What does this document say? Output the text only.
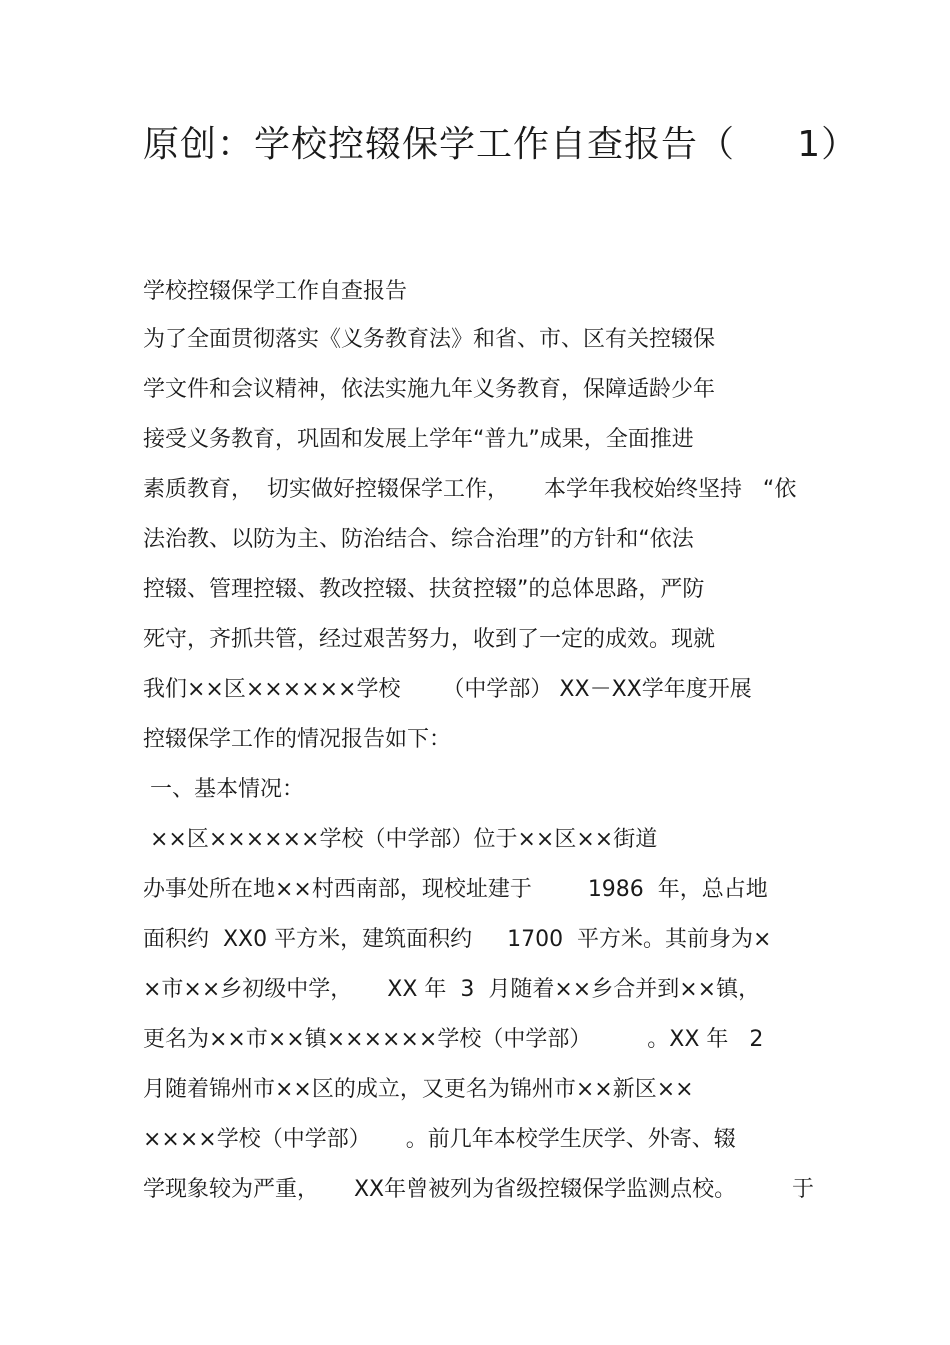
原创：学校控辍保学工作自查报告（     1）
学校控辍保学工作自查报告

为了全面贯彻落实《义务教育法》和省、市、区有关控辍保

学文件和会议精神，依法实施九年义务教育，保障适龄少年

接受义务教育，巩固和发展上学年“普九”成果，全面推进

素质教育，  切实做好控辍保学工作，     本学年我校始终坚持   “依

法治教、以防为主、防治结合、综合治理”的方针和“依法

控辍、管理控辍、教改控辍、扶贫控辍”的总体思路，严防

死守，齐抓共管，经过艰苦努力，收到了一定的成效。现就

我们××区××××××学校      （中学部） XX－XX学年度开展

控辍保学工作的情况报告如下：

一、基本情况：

××区××××××学校（中学部）位于××区××街道

办事处所在地××村西南部，现校址建于        1986  年，总占地

面积约  XX0 平方米，建筑面积约     1700  平方米。其前身为×

×市××乡初级中学，     XX 年  3  月随着××乡合并到××镇，

更名为××市××镇××××××学校（中学部）        。XX 年   2

月随着锦州市××区的成立，又更名为锦州市××新区××

××××学校（中学部）     。前几年本校学生厌学、外寄、辍

学现象较为严重，     XX年曾被列为省级控辍保学监测点校。        于
